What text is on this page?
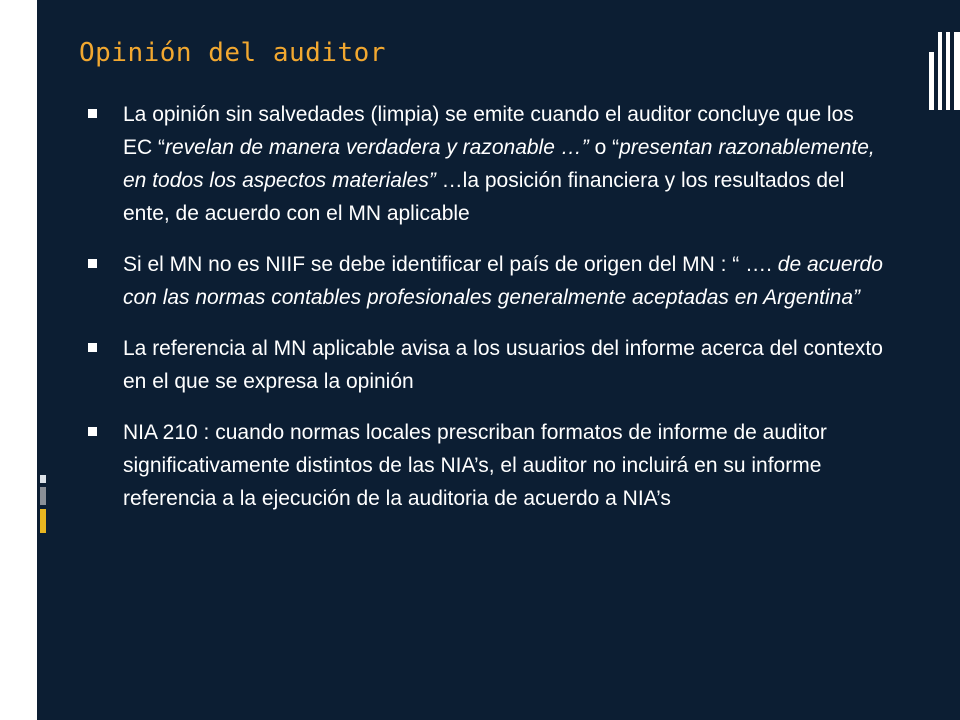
Opinión del auditor
La opinión sin salvedades (limpia) se emite cuando el auditor concluye que los EC “revelan de manera verdadera y razonable …” o “presentan razonablemente, en todos los aspectos materiales” …la posición financiera y los resultados del ente, de acuerdo con el MN aplicable
Si el MN no es NIIF se debe identificar el país de origen del MN : “ …. de acuerdo con las normas contables profesionales generalmente aceptadas en Argentina”
La referencia al MN aplicable avisa a los usuarios del informe acerca del contexto en el que se expresa la opinión
NIA 210 : cuando normas locales prescriban formatos de informe de auditor significativamente distintos de las NIA’s, el auditor no incluirá en su informe referencia a la ejecución de la auditoria de acuerdo a NIA’s
